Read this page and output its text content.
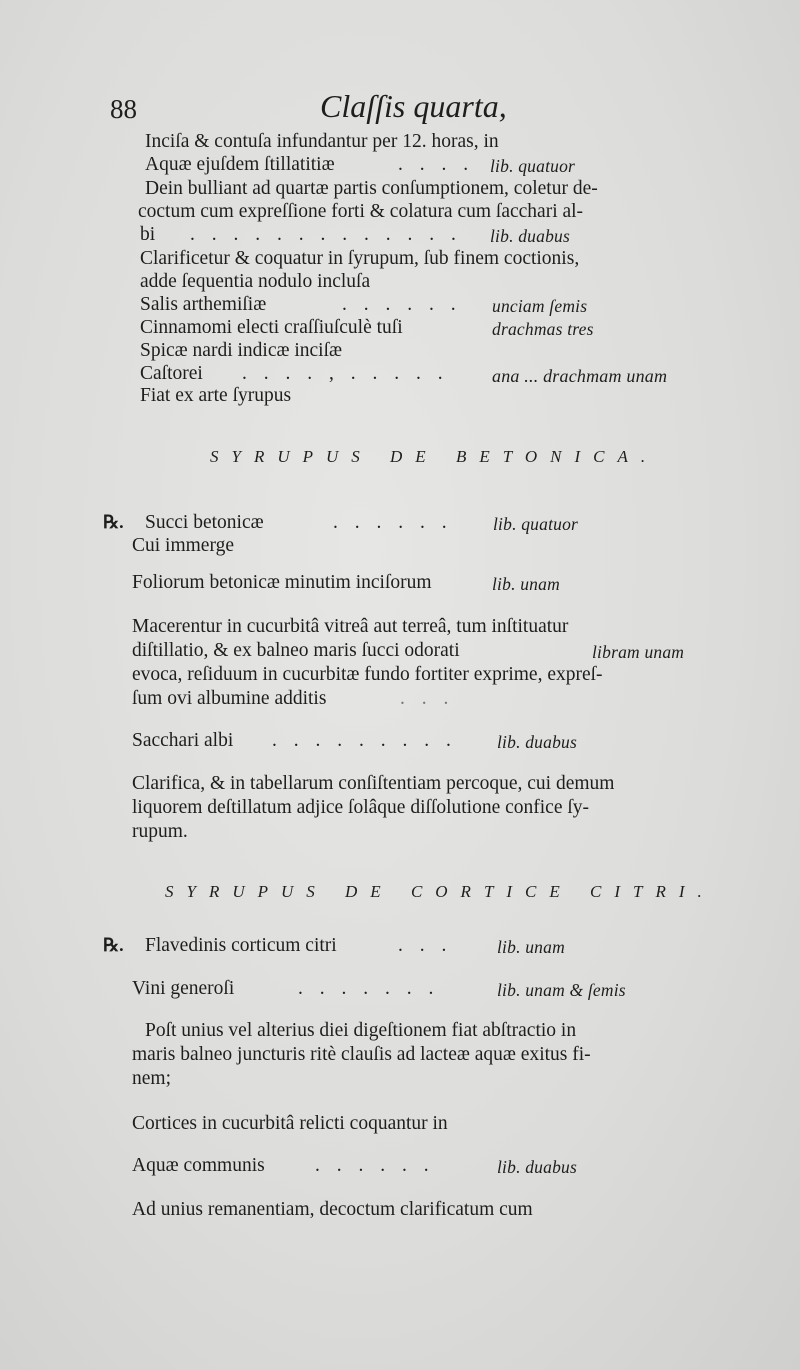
88	Claſſis quarta,
Inciſa & contuſa infundantur per 12. horas, in
Aquæ ejuſdem ſtillatitiæ	. . . . lib. quatuor
Dein bulliant ad quartæ partis conſumptionem, coletur de-
coctum cum expreſſione forti & colatura cum ſacchari al-
bi . . . . . . . . . . . . . lib. duabus
Clarificetur & coquatur in ſyrupum, ſub finem coctionis,
adde ſequentia nodulo incluſa
Salis arthemiſiæ	. . . . . . unciam ſemis
Cinnamomi electi craſſiuſculè tuſi	drachmas tres
Spicæ nardi indicæ inciſæ
Caſtorei . . . . , . . . . . ana ... drachmam unam
Fiat ex arte ſyrupus
SYRUPUS DE BETONICA.
℞. Succi betonicæ	. . . . . . lib. quatuor
Cui immerge
Foliorum betonicæ minutim inciſorum	lib. unam
Macerentur in cucurbitâ vitreâ aut terreâ, tum inſtituatur
diſtillatio, & ex balneo maris ſucci odorati	libram unam
evoca, reſiduum in cucurbitæ fundo fortiter exprime, expreſ-
ſum ovi albumine additis	. . .
Sacchari albi . . . . . . . . . lib. duabus
Clarifica, & in tabellarum conſiſtentiam percoque, cui demum
liquorem deſtillatum adjice ſolâque diſſolutione confice ſy-
rupum.
SYRUPUS DE CORTICE CITRI.
℞. Flavedinis corticum citri	. . .	lib. unam
Vini generoſi	. . . . . . .	lib. unam & ſemis
Poſt unius vel alterius diei digeſtionem fiat abſtractio in
maris balneo juncturis ritè clauſis ad lacteæ aquæ exitus fi-
nem;
Cortices in cucurbitâ relicti coquantur in
Aquæ communis	. . . . . .	lib. duabus
Ad unius remanentiam, decoctum clarificatum cum
